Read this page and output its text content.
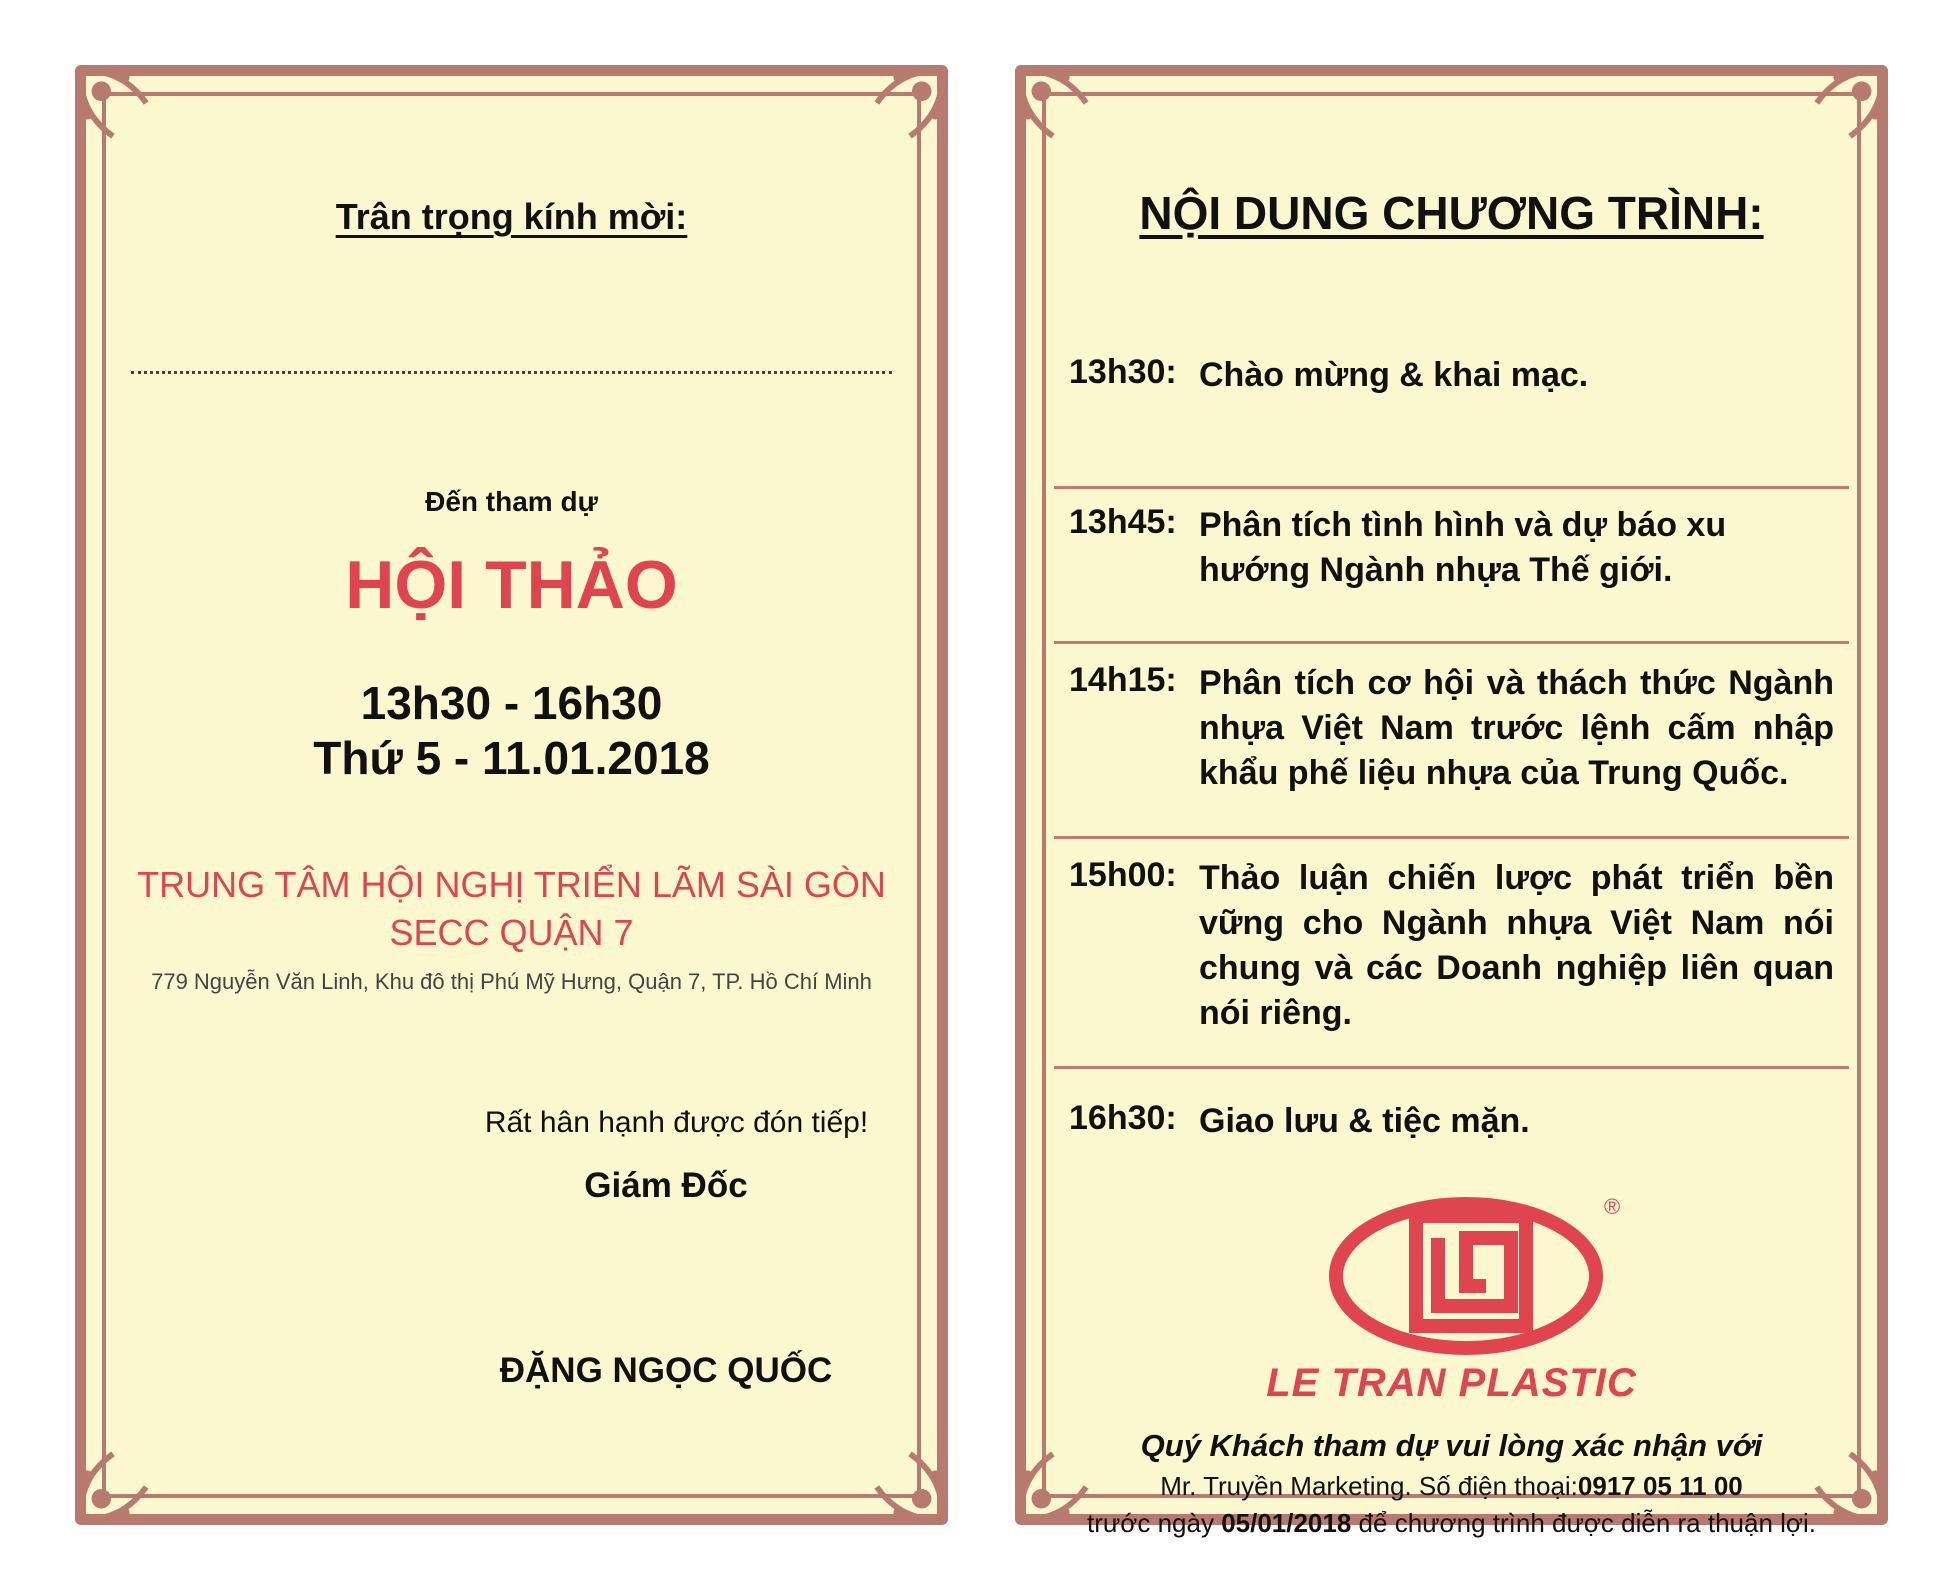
Trân trọng kính mời:
Đến tham dự
HỘI THẢO
13h30 - 16h30
Thứ 5 - 11.01.2018
TRUNG TÂM HỘI NGHỊ TRIỂN LÃM SÀI GÒN
SECC QUẬN 7
779 Nguyễn Văn Linh, Khu đô thị Phú Mỹ Hưng, Quận 7, TP. Hồ Chí Minh
Rất hân hạnh được đón tiếp!
Giám Đốc
ĐẶNG NGỌC QUỐC
NỘI DUNG CHƯƠNG TRÌNH:
13h30: Chào mừng & khai mạc.
13h45: Phân tích tình hình và dự báo xu hướng Ngành nhựa Thế giới.
14h15: Phân tích cơ hội và thách thức Ngành nhựa Việt Nam trước lệnh cấm nhập khẩu phế liệu nhựa của Trung Quốc.
15h00: Thảo luận chiến lược phát triển bền vững cho Ngành nhựa Việt Nam nói chung và các Doanh nghiệp liên quan nói riêng.
16h30: Giao lưu & tiệc mặn.
®
LE TRAN PLASTIC
Quý Khách tham dự vui lòng xác nhận với
Mr. Truyền Marketing. Số điện thoại:0917 05 11 00
trước ngày 05/01/2018 để chương trình được diễn ra thuận lợi.
